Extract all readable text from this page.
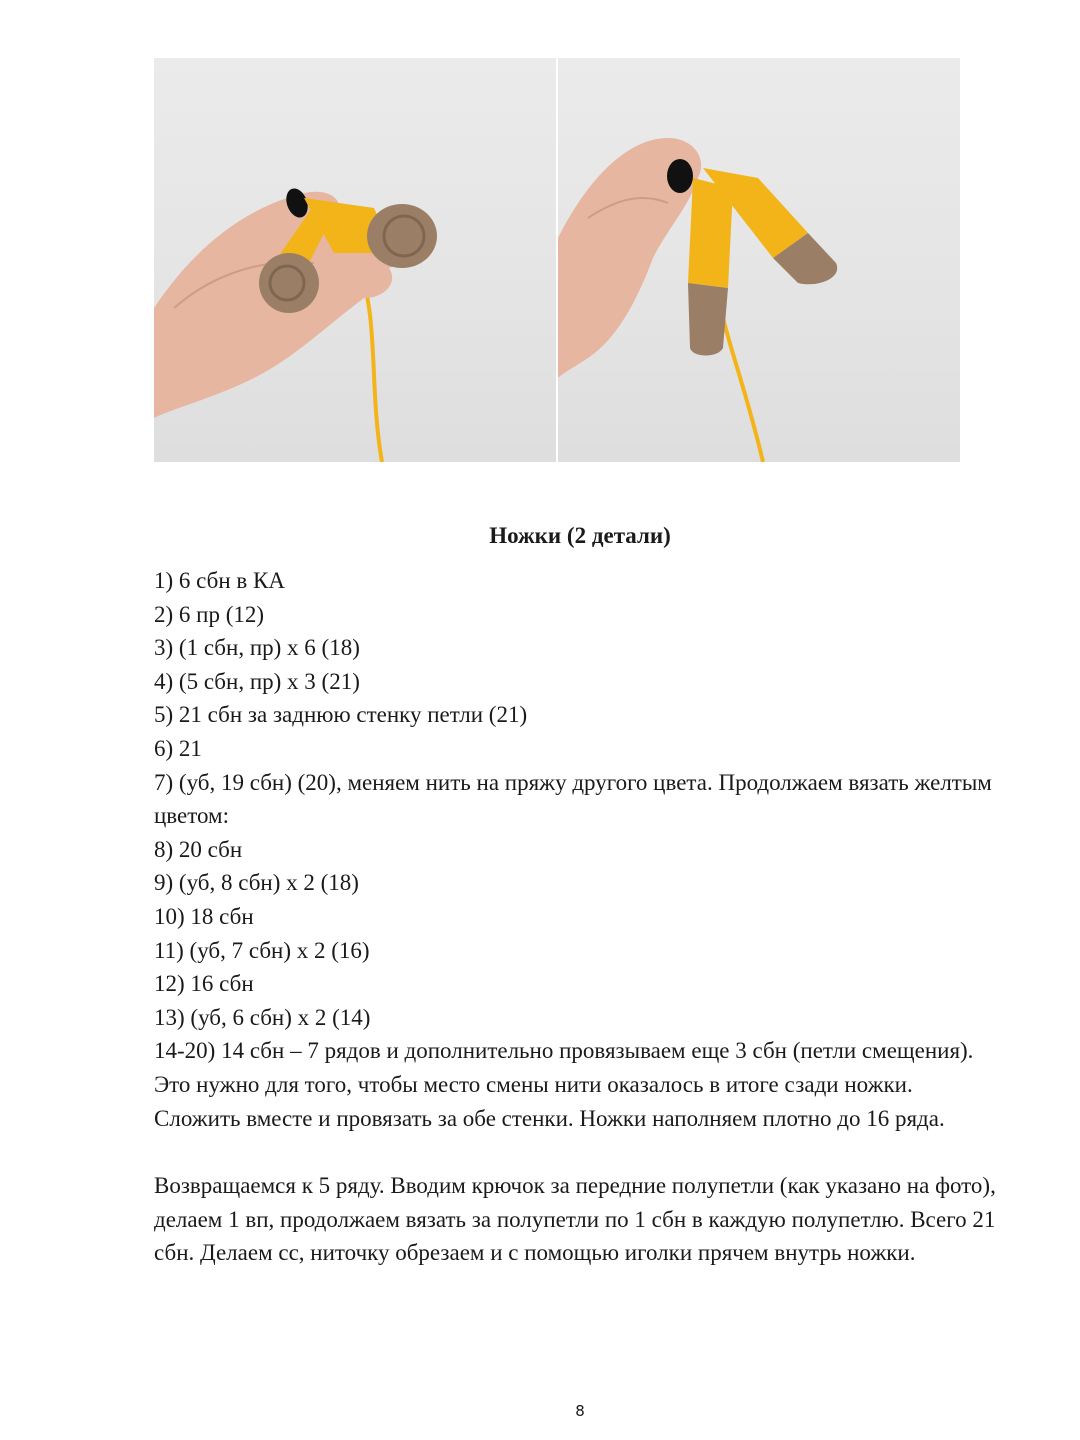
Ножки (2 детали)
1) 6 сбн в КА
2) 6 пр (12)
3) (1 сбн, пр) х 6 (18)
4) (5 сбн, пр) х 3 (21)
5) 21 сбн за заднюю стенку петли (21)
6) 21
7) (уб, 19 сбн) (20), меняем нить на пряжу другого цвета. Продолжаем вязать желтым цветом:
8) 20 сбн
9) (уб, 8 сбн) х 2 (18)
10) 18 сбн
11) (уб, 7 сбн) х 2 (16)
12) 16 сбн
13) (уб, 6 сбн) х 2 (14)
14-20) 14 сбн – 7 рядов и дополнительно провязываем еще 3 сбн (петли смещения). Это нужно для того, чтобы место смены нити оказалось в итоге сзади ножки.
Сложить вместе и провязать за обе стенки. Ножки наполняем плотно до 16 ряда.
Возвращаемся к 5 ряду. Вводим крючок за передние полупетли (как указано на фото), делаем 1 вп, продолжаем вязать за полупетли по 1 сбн в каждую полупетлю. Всего 21 сбн. Делаем сс, ниточку обрезаем и с помощью иголки прячем внутрь ножки.
8
